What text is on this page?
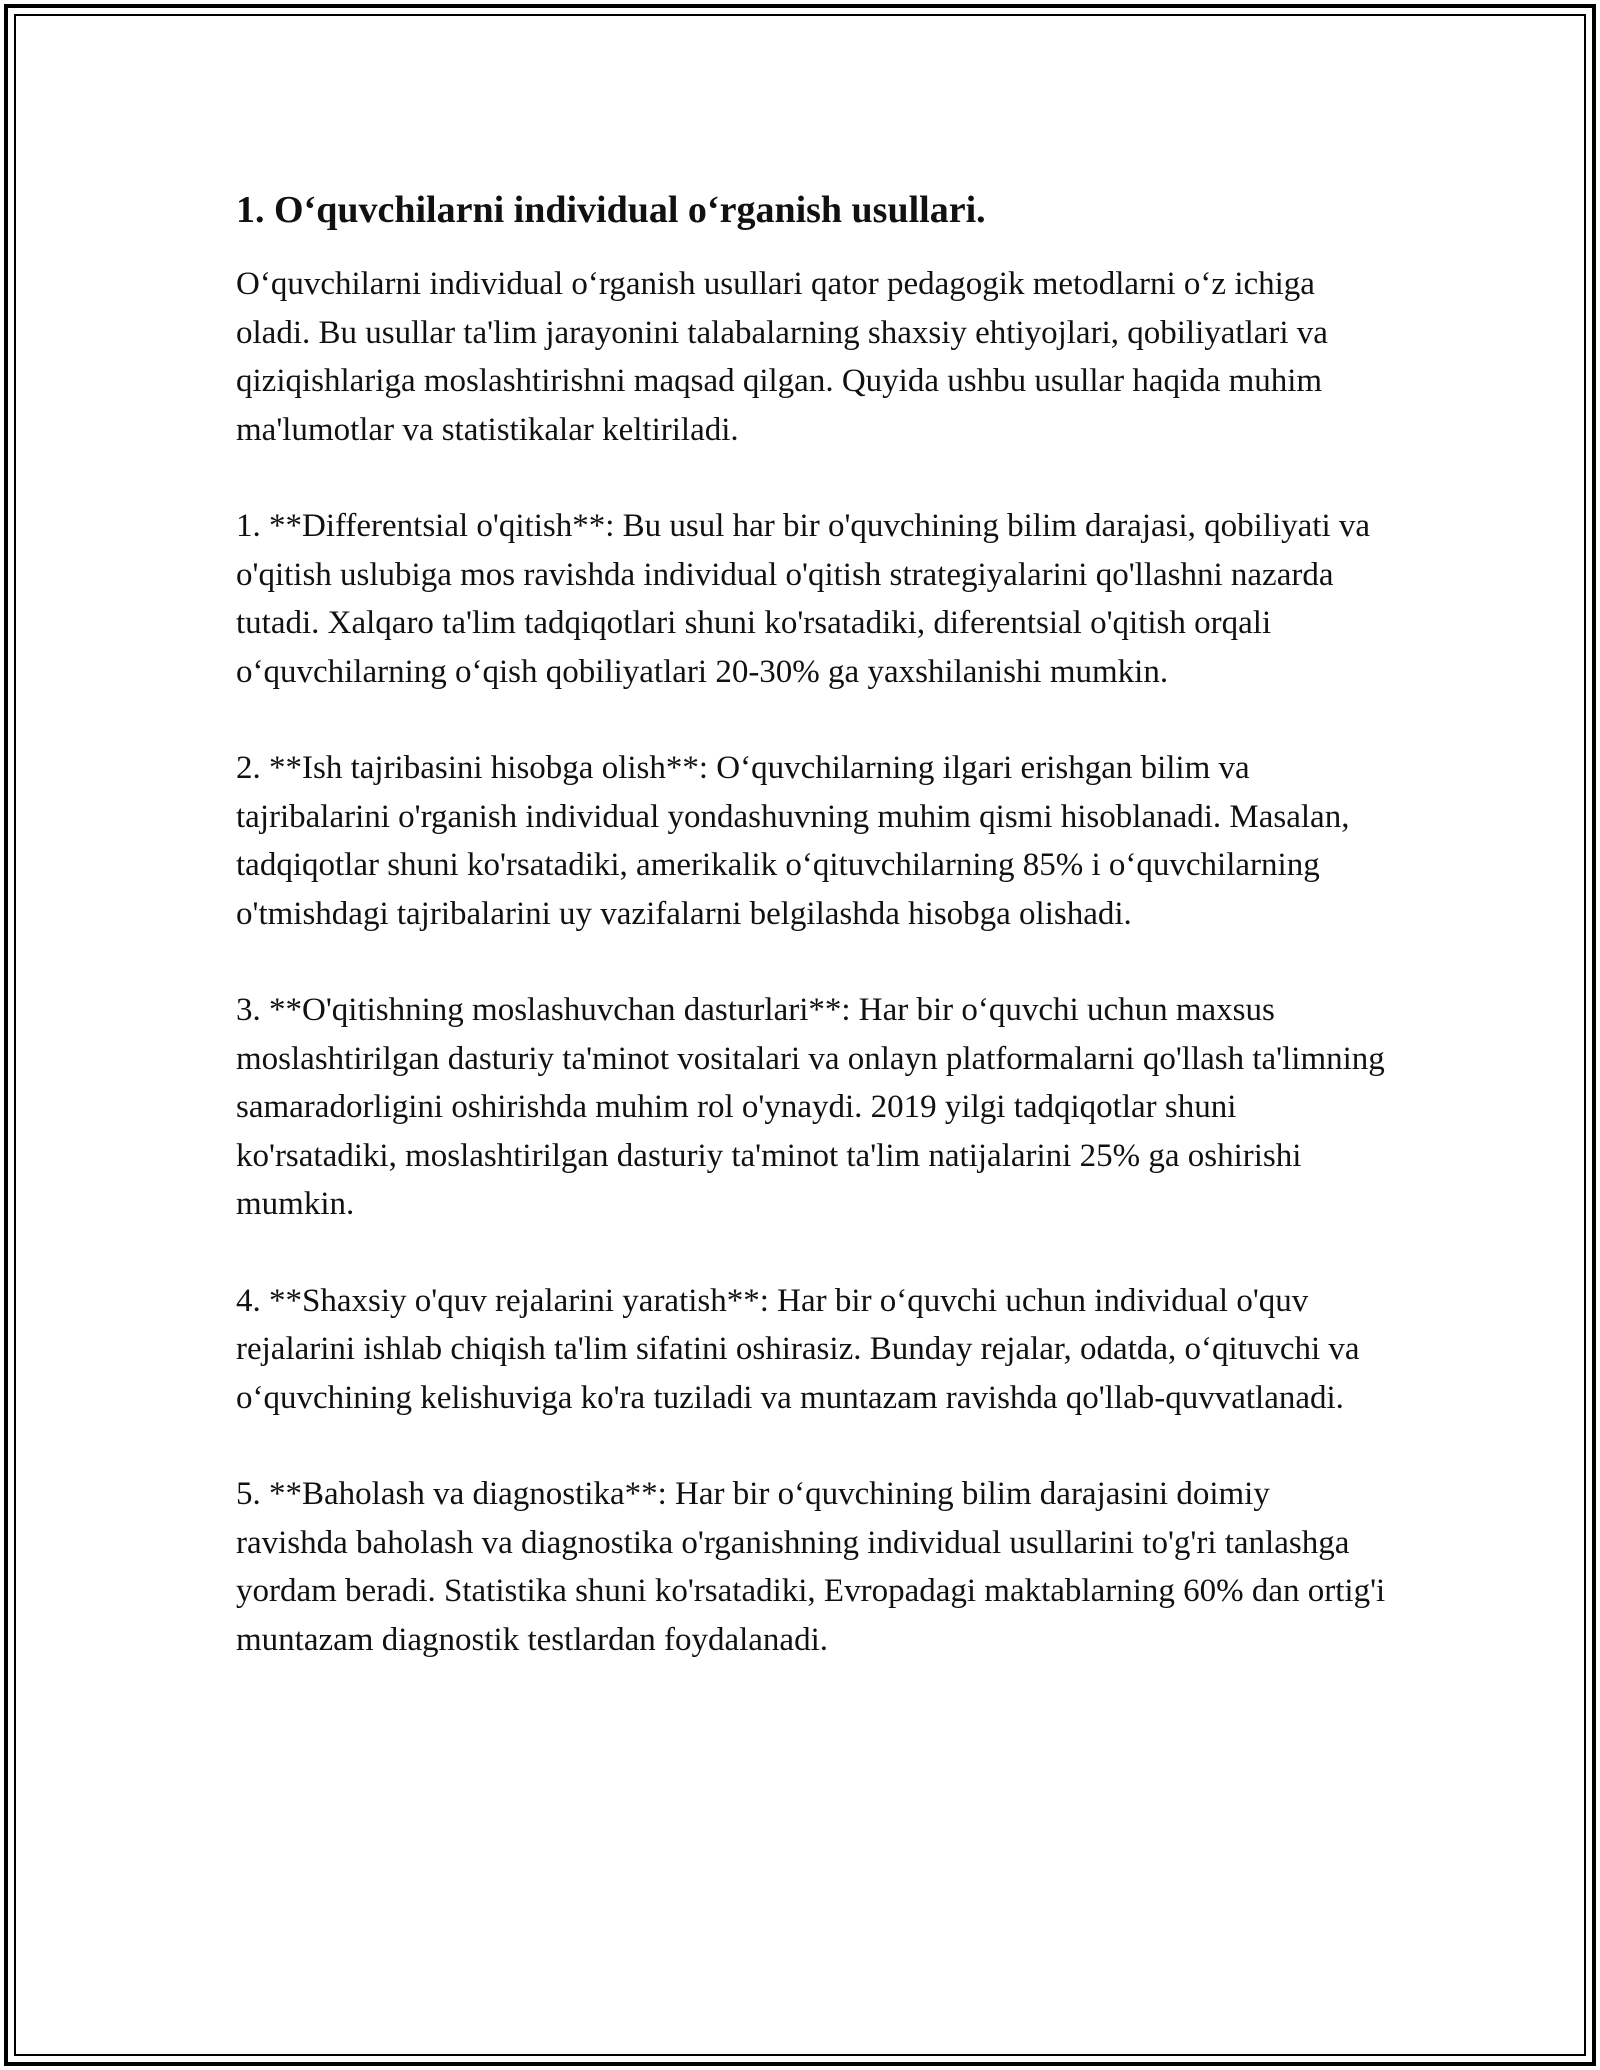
1. O‘quvchilarni individual o‘rganish usullari.

O‘quvchilarni individual o‘rganish usullari qator pedagogik metodlarni o‘z ichiga oladi. Bu usullar ta'lim jarayonini talabalarning shaxsiy ehtiyojlari, qobiliyatlari va qiziqishlariga moslashtirishni maqsad qilgan. Quyida ushbu usullar haqida muhim ma'lumotlar va statistikalar keltiriladi.

1. **Differentsial o'qitish**: Bu usul har bir o'quvchining bilim darajasi, qobiliyati va o'qitish uslubiga mos ravishda individual o'qitish strategiyalarini qo'llashni nazarda tutadi. Xalqaro ta'lim tadqiqotlari shuni ko'rsatadiki, diferentsial o'qitish orqali o‘quvchilarning o‘qish qobiliyatlari 20-30% ga yaxshilanishi mumkin.

2. **Ish tajribasini hisobga olish**: O‘quvchilarning ilgari erishgan bilim va tajribalarini o'rganish individual yondashuvning muhim qismi hisoblanadi. Masalan, tadqiqotlar shuni ko'rsatadiki, amerikalik o‘qituvchilarning 85% i o‘quvchilarning o'tmishdagi tajribalarini uy vazifalarni belgilashda hisobga olishadi.

3. **O'qitishning moslashuvchan dasturlari**: Har bir o‘quvchi uchun maxsus moslashtirilgan dasturiy ta'minot vositalari va onlayn platformalarni qo'llash ta'limning samaradorligini oshirishda muhim rol o'ynaydi. 2019 yilgi tadqiqotlar shuni ko'rsatadiki, moslashtirilgan dasturiy ta'minot ta'lim natijalarini 25% ga oshirishi mumkin.

4. **Shaxsiy o'quv rejalarini yaratish**: Har bir o‘quvchi uchun individual o'quv rejalarini ishlab chiqish ta'lim sifatini oshirasiz. Bunday rejalar, odatda, o‘qituvchi va o‘quvchining kelishuviga ko'ra tuziladi va muntazam ravishda qo'llab-quvvatlanadi.

5. **Baholash va diagnostika**: Har bir o‘quvchining bilim darajasini doimiy ravishda baholash va diagnostika o'rganishning individual usullarini to'g'ri tanlashga yordam beradi. Statistika shuni ko'rsatadiki, Evropadagi maktablarning 60% dan ortig'i muntazam diagnostik testlardan foydalanadi.
